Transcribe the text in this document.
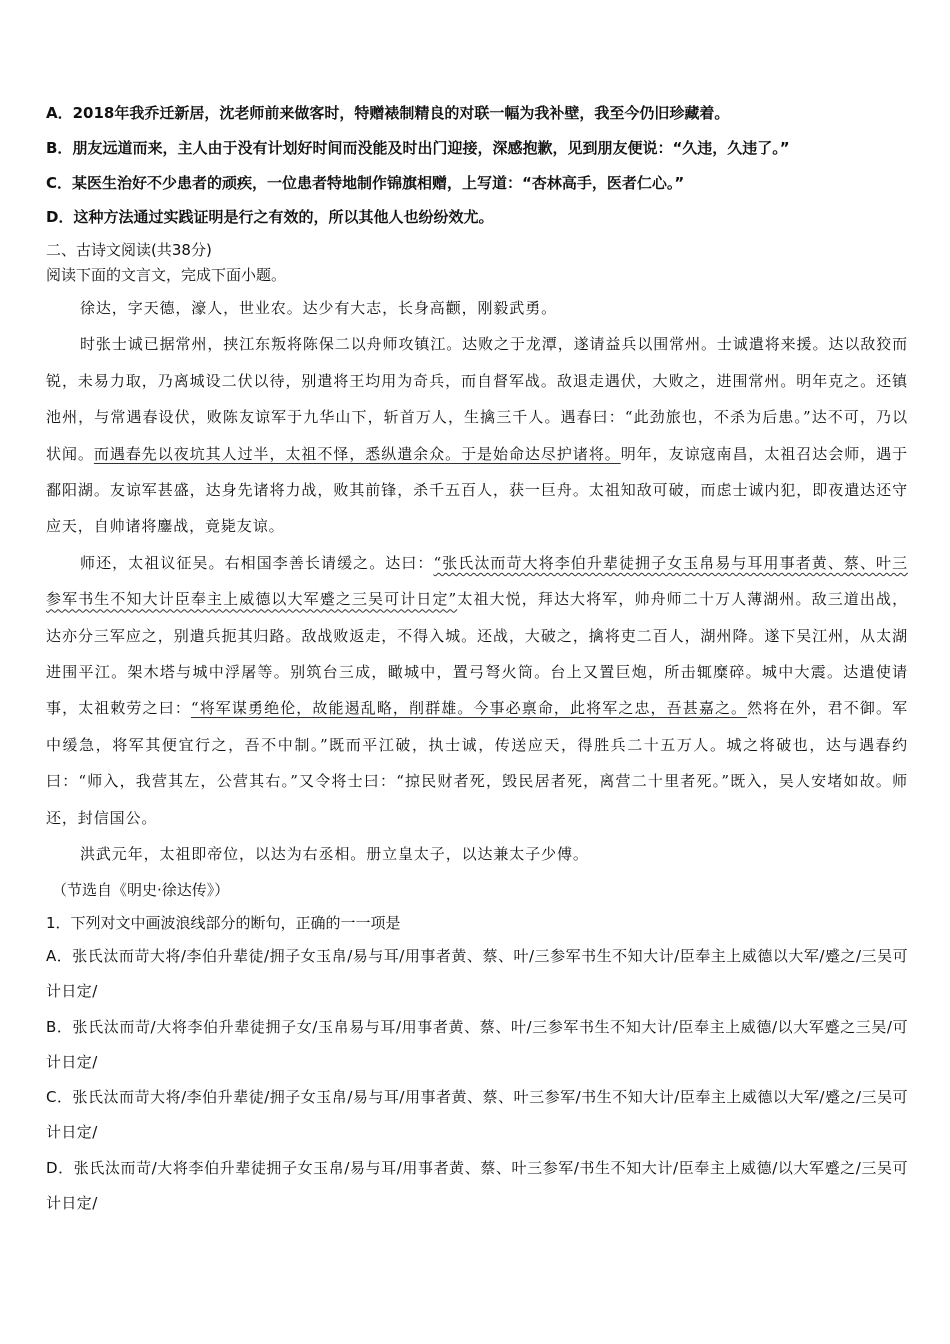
A．2018年我乔迁新居，沈老师前来做客时，特赠裱制精良的对联一幅为我补壁，我至今仍旧珍藏着。
B．朋友远道而来，主人由于没有计划好时间而没能及时出门迎接，深感抱歉，见到朋友便说：“久违，久违了。”
C．某医生治好不少患者的顽疾，一位患者特地制作锦旗相赠，上写道：“杏林高手，医者仁心。”
D．这种方法通过实践证明是行之有效的，所以其他人也纷纷效尤。
二、古诗文阅读(共38分)
阅读下面的文言文，完成下面小题。

徐达，字天德，濠人，世业农。达少有大志，长身高颧，刚毅武勇。

时张士诚已据常州，挟江东叛将陈保二以舟师攻镇江。达败之于龙潭，遂请益兵以围常州。士诚遣将来援。达以敌狡而锐，未易力取，乃离城设二伏以待，别遣将王均用为奇兵，而自督军战。敌退走遇伏，大败之，进围常州。明年克之。还镇池州，与常遇春设伏，败陈友谅军于九华山下，斩首万人，生擒三千人。遇春曰：“此劲旅也，不杀为后患。”达不可，乃以状闻。而遇春先以夜坑其人过半，太祖不怿，悉纵遣余众。于是始命达尽护诸将。明年，友谅寇南昌，太祖召达会师，遇于鄱阳湖。友谅军甚盛，达身先诸将力战，败其前锋，杀千五百人，获一巨舟。太祖知敌可破，而虑士诚内犯，即夜遣达还守应天，自帅诸将鏖战，竟毙友谅。

师还，太祖议征吴。右相国李善长请缓之。达曰：“张氏汰而苛大将李伯升辈徒拥子女玉帛易与耳用事者黄、蔡、叶三参军书生不知大计臣奉主上威德以大军蹙之三吴可计日定”太祖大悦，拜达大将军，帅舟师二十万人薄湖州。敌三道出战，达亦分三军应之，别遣兵扼其归路。敌战败返走，不得入城。还战，大破之，擒将吏二百人，湖州降。遂下吴江州，从太湖进围平江。架木塔与城中浮屠等。别筑台三成，瞰城中，置弓弩火筒。台上又置巨炮，所击辄糜碎。城中大震。达遣使请事，太祖敕劳之曰：“将军谋勇绝伦，故能遏乱略，削群雄。今事必禀命，此将军之忠，吾甚嘉之。然将在外，君不御。军中缓急，将军其便宜行之，吾不中制。”既而平江破，执士诚，传送应天，得胜兵二十五万人。城之将破也，达与遇春约曰：“师入，我营其左，公营其右。”又令将士曰：“掠民财者死，毁民居者死，离营二十里者死。”既入，吴人安堵如故。师还，封信国公。

洪武元年，太祖即帝位，以达为右丞相。册立皇太子，以达兼太子少傅。

（节选自《明史·徐达传》）
1．下列对文中画波浪线部分的断句，正确的一一项是
A．张氏汰而苛大将/李伯升辈徒/拥子女玉帛/易与耳/用事者黄、蔡、叶/三参军书生不知大计/臣奉主上威德以大军/蹙之/三吴可计日定/
B．张氏汰而苛/大将李伯升辈徒拥子女/玉帛易与耳/用事者黄、蔡、叶/三参军书生不知大计/臣奉主上威德/以大军蹙之三吴/可计日定/
C．张氏汰而苛大将/李伯升辈徒/拥子女玉帛/易与耳/用事者黄、蔡、叶三参军/书生不知大计/臣奉主上威德以大军/蹙之/三吴可计日定/
D．张氏汰而苛/大将李伯升辈徒拥子女玉帛/易与耳/用事者黄、蔡、叶三参军/书生不知大计/臣奉主上威德/以大军蹙之/三吴可计日定/
